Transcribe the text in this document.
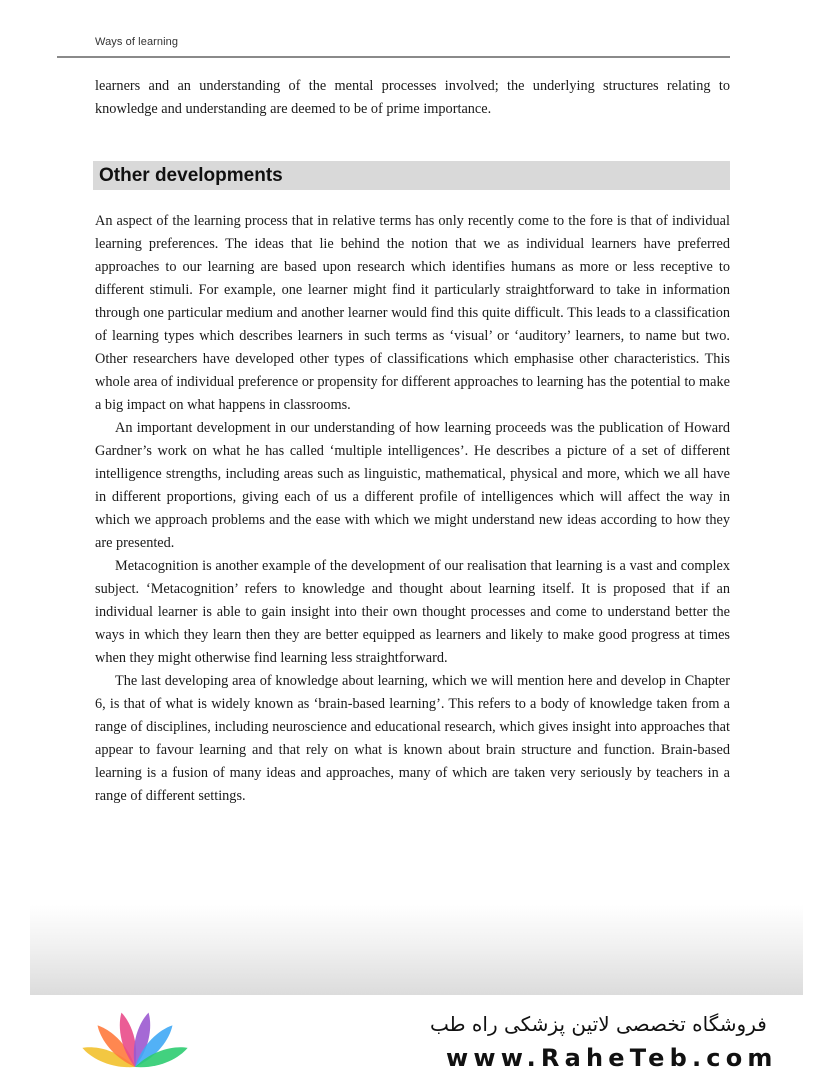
Ways of learning

learners and an understanding of the mental processes involved; the underlying structures relating to knowledge and understanding are deemed to be of prime importance.

Other developments

An aspect of the learning process that in relative terms has only recently come to the fore is that of individual learning preferences. The ideas that lie behind the notion that we as individual learners have preferred approaches to our learning are based upon research which identifies humans as more or less receptive to different stimuli. For example, one learner might find it particularly straightforward to take in information through one particular medium and another learner would find this quite difficult. This leads to a classification of learning types which describes learners in such terms as ‘visual’ or ‘auditory’ learners, to name but two. Other researchers have developed other types of classifications which emphasise other characteristics. This whole area of individual preference or propensity for different approaches to learning has the potential to make a big impact on what happens in classrooms.

An important development in our understanding of how learning proceeds was the publication of Howard Gardner’s work on what he has called ‘multiple intelligences’. He describes a picture of a set of different intelligence strengths, including areas such as linguistic, mathematical, physical and more, which we all have in different proportions, giving each of us a different profile of intelligences which will affect the way in which we approach problems and the ease with which we might understand new ideas according to how they are presented.

Metacognition is another example of the development of our realisation that learning is a vast and complex subject. ‘Metacognition’ refers to knowledge and thought about learning itself. It is proposed that if an individual learner is able to gain insight into their own thought processes and come to understand better the ways in which they learn then they are better equipped as learners and likely to make good progress at times when they might otherwise find learning less straightforward.

The last developing area of knowledge about learning, which we will mention here and develop in Chapter 6, is that of what is widely known as ‘brain-based learning’. This refers to a body of knowledge taken from a range of disciplines, including neuroscience and educational research, which gives insight into approaches that appear to favour learning and that rely on what is known about brain structure and function. Brain-based learning is a fusion of many ideas and approaches, many of which are taken very seriously by teachers in a range of different settings.

فروشگاه تخصصی لاتین پزشکی راه طب
www.RaheTeb.com
